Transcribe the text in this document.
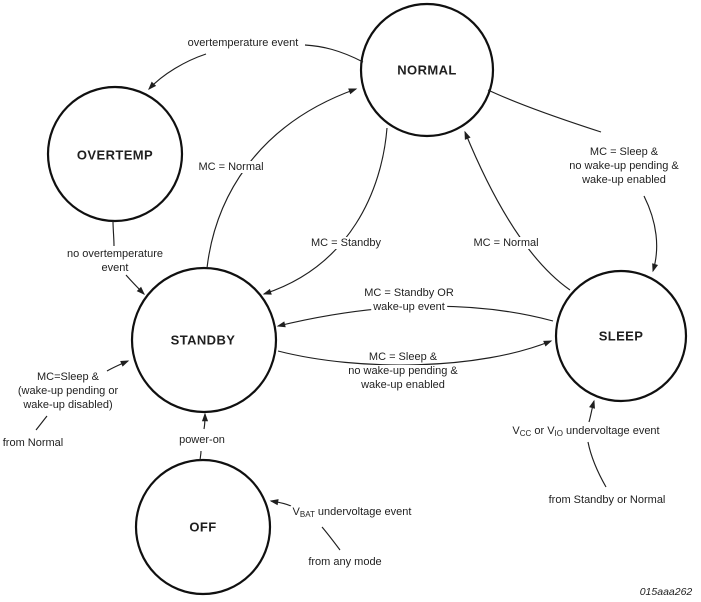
NORMAL
OVERTEMP
STANDBY	SLEEP
OFF
overtemperature event
MC = Normal
no overtemperature
event
MC = Standby	MC = Normal
MC = Sleep &
no wake-up pending &
wake-up enabled
MC = Standby OR
wake-up event
MC = Sleep &
no wake-up pending &
wake-up enabled
MC=Sleep &
(wake-up pending or
wake-up disabled)
from Normal	power-on
$V_{BAT}$ undervoltage event
from any mode
$V_{CC}$ or $V_{IO}$ undervoltage event
from Standby or Normal
015aaa262
